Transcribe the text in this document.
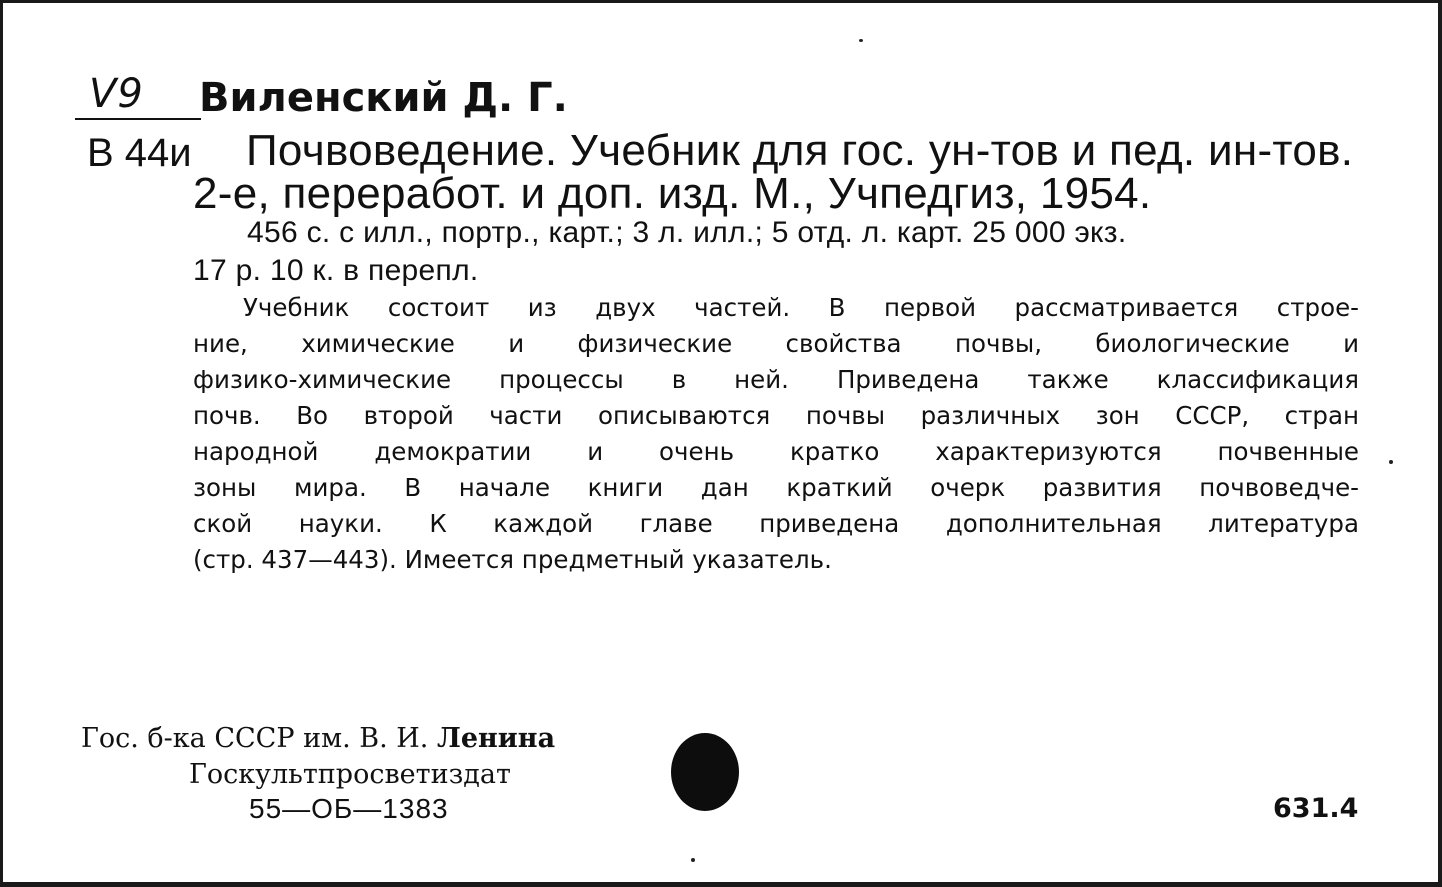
V9 Виленский Д. Г.
В 44и Почвоведение. Учебник для гос. ун-тов и пед. ин-тов.
2-е, переработ. и доп. изд. М., Учпедгиз, 1954.
456 с. с илл., портр., карт.; 3 л. илл.; 5 отд. л. карт. 25 000 экз.
17 р. 10 к. в перепл.
Учебник состоит из двух частей. В первой рассматривается строе-
ние, химические и физические свойства почвы, биологические и
физико-химические процессы в ней. Приведена также классификация
почв. Во второй части описываются почвы различных зон СССР, стран
народной демократии и очень кратко характеризуются почвенные
зоны мира. В начале книги дан краткий очерк развития почвоведче-
ской науки. К каждой главе приведена дополнительная литература
(стр. 437—443). Имеется предметный указатель.
Гос. б-ка СССР им. В. И. Ленина
Госкультпросветиздат
55—ОБ—1383	631.4
